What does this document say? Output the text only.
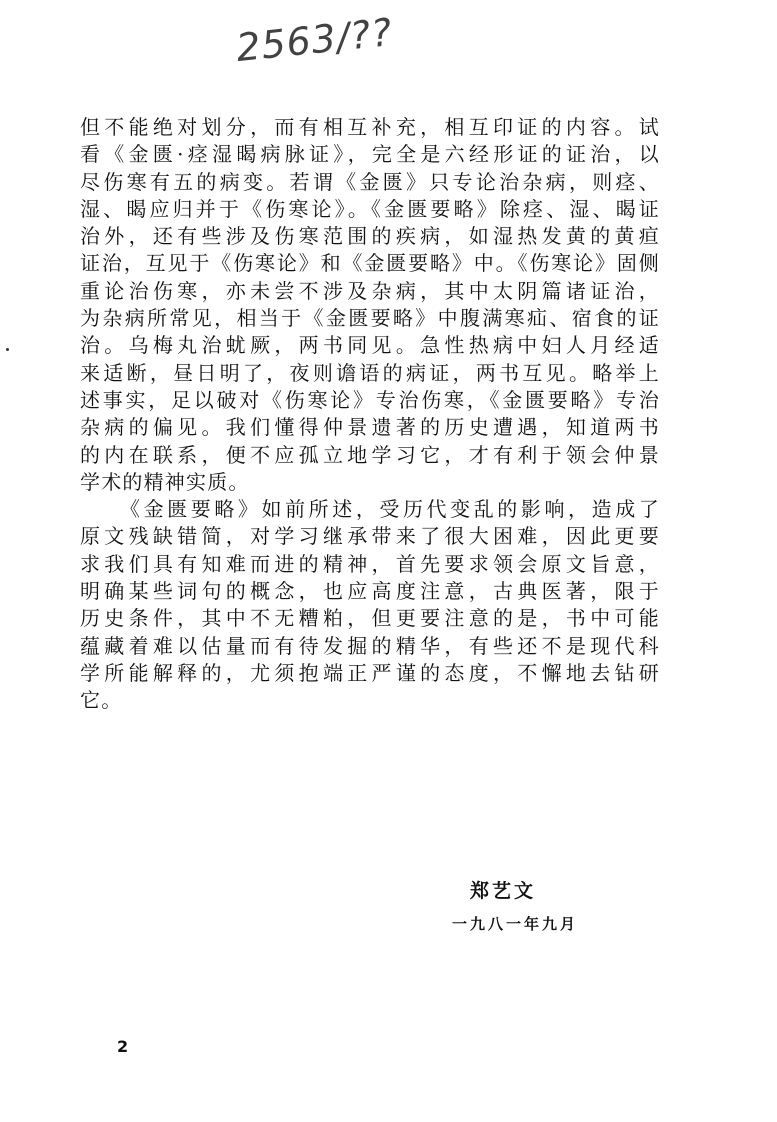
2563/??
但不能绝对划分，而有相互补充，相互印证的内容。试
看《金匮·痉湿暍病脉证》，完全是六经形证的证治，以
尽伤寒有五的病变。若谓《金匮》只专论治杂病，则痉、
湿、暍应归并于《伤寒论》。《金匮要略》除痉、湿、暍证
治外，还有些涉及伤寒范围的疾病，如湿热发黄的黄疸
证治，互见于《伤寒论》和《金匮要略》中。《伤寒论》固侧
重论治伤寒，亦未尝不涉及杂病，其中太阴篇诸证治，
为杂病所常见，相当于《金匮要略》中腹满寒疝、宿食的证
治。乌梅丸治蚘厥，两书同见。急性热病中妇人月经适
来适断，昼日明了，夜则谵语的病证，两书互见。略举上
述事实，足以破对《伤寒论》专治伤寒，《金匮要略》专治
杂病的偏见。我们懂得仲景遗著的历史遭遇，知道两书
的内在联系，便不应孤立地学习它，才有利于领会仲景
学术的精神实质。
《金匮要略》如前所述，受历代变乱的影响，造成了
原文残缺错简，对学习继承带来了很大困难，因此更要
求我们具有知难而进的精神，首先要求领会原文旨意，
明确某些词句的概念，也应高度注意，古典医著，限于
历史条件，其中不无糟粕，但更要注意的是，书中可能
蕴藏着难以估量而有待发掘的精华，有些还不是现代科
学所能解释的，尤须抱端正严谨的态度，不懈地去钻研
它。
郑艺文
一九八一年九月
2
